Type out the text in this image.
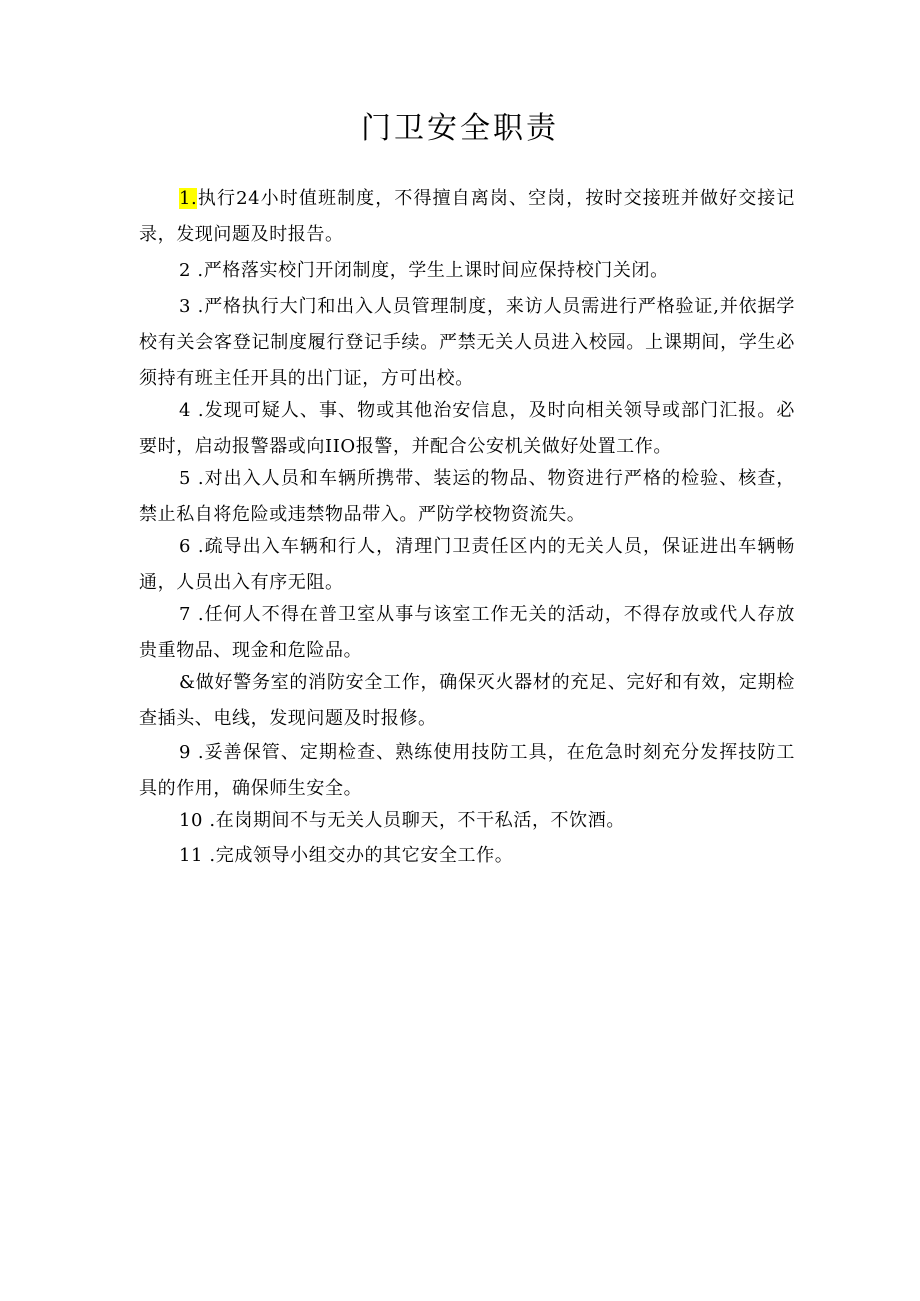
门卫安全职责

1.执行24小时值班制度，不得擅自离岗、空岗，按时交接班并做好交接记录，发现问题及时报告。

2 .严格落实校门开闭制度，学生上课时间应保持校门关闭。

3 .严格执行大门和出入人员管理制度，来访人员需进行严格验证,并依据学校有关会客登记制度履行登记手续。严禁无关人员进入校园。上课期间，学生必须持有班主任开具的出门证，方可出校。

4 .发现可疑人、事、物或其他治安信息，及时向相关领导或部门汇报。必要时，启动报警器或向IIO报警，并配合公安机关做好处置工作。

5 .对出入人员和车辆所携带、装运的物品、物资进行严格的检验、核查，禁止私自将危险或违禁物品带入。严防学校物资流失。

6 .疏导出入车辆和行人，清理门卫责任区内的无关人员，保证进出车辆畅通，人员出入有序无阻。

7 .任何人不得在普卫室从事与该室工作无关的活动，不得存放或代人存放贵重物品、现金和危险品。

&做好警务室的消防安全工作，确保灭火器材的充足、完好和有效，定期检查插头、电线，发现问题及时报修。

9 .妥善保管、定期检查、熟练使用技防工具，在危急时刻充分发挥技防工具的作用，确保师生安全。

10 .在岗期间不与无关人员聊天，不干私活，不饮酒。

11 .完成领导小组交办的其它安全工作。
